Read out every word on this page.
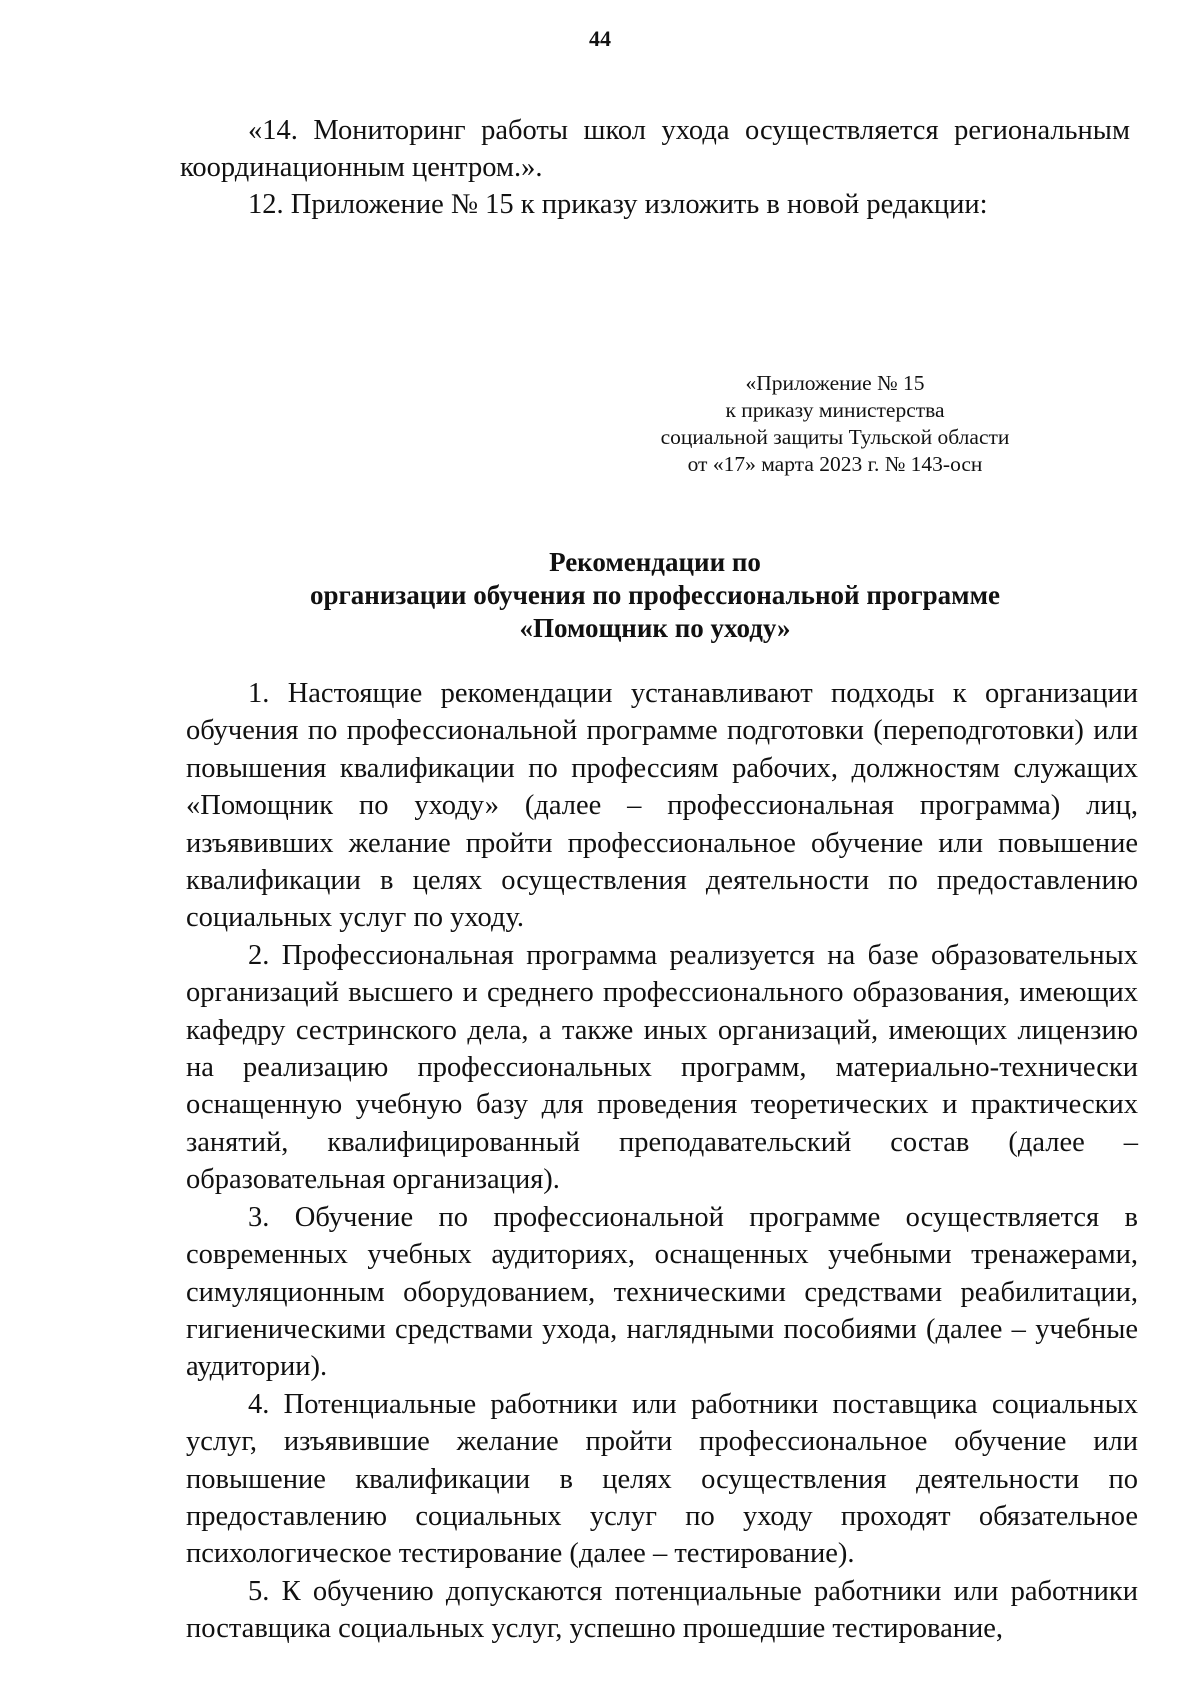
44

«14. Мониторинг работы школ ухода осуществляется региональным координационным центром.».

12. Приложение № 15 к приказу изложить в новой редакции:

«Приложение № 15
к приказу министерства
социальной защиты Тульской области
от «17» марта 2023 г. № 143-осн
Рекомендации по
организации обучения по профессиональной программе
«Помощник по уходу»

1. Настоящие рекомендации устанавливают подходы к организации обучения по профессиональной программе подготовки (переподготовки) или повышения квалификации по профессиям рабочих, должностям служащих «Помощник по уходу» (далее – профессиональная программа) лиц, изъявивших желание пройти профессиональное обучение или повышение квалификации в целях осуществления деятельности по предоставлению социальных услуг по уходу.

2. Профессиональная программа реализуется на базе образовательных организаций высшего и среднего профессионального образования, имеющих кафедру сестринского дела, а также иных организаций, имеющих лицензию на реализацию профессиональных программ, материально-технически оснащенную учебную базу для проведения теоретических и практических занятий, квалифицированный преподавательский состав (далее – образовательная организация).

3. Обучение по профессиональной программе осуществляется в современных учебных аудиториях, оснащенных учебными тренажерами, симуляционным оборудованием, техническими средствами реабилитации, гигиеническими средствами ухода, наглядными пособиями (далее – учебные аудитории).

4. Потенциальные работники или работники поставщика социальных услуг, изъявившие желание пройти профессиональное обучение или повышение квалификации в целях осуществления деятельности по предоставлению социальных услуг по уходу проходят обязательное психологическое тестирование (далее – тестирование).

5. К обучению допускаются потенциальные работники или работники поставщика социальных услуг, успешно прошедшие тестирование,
